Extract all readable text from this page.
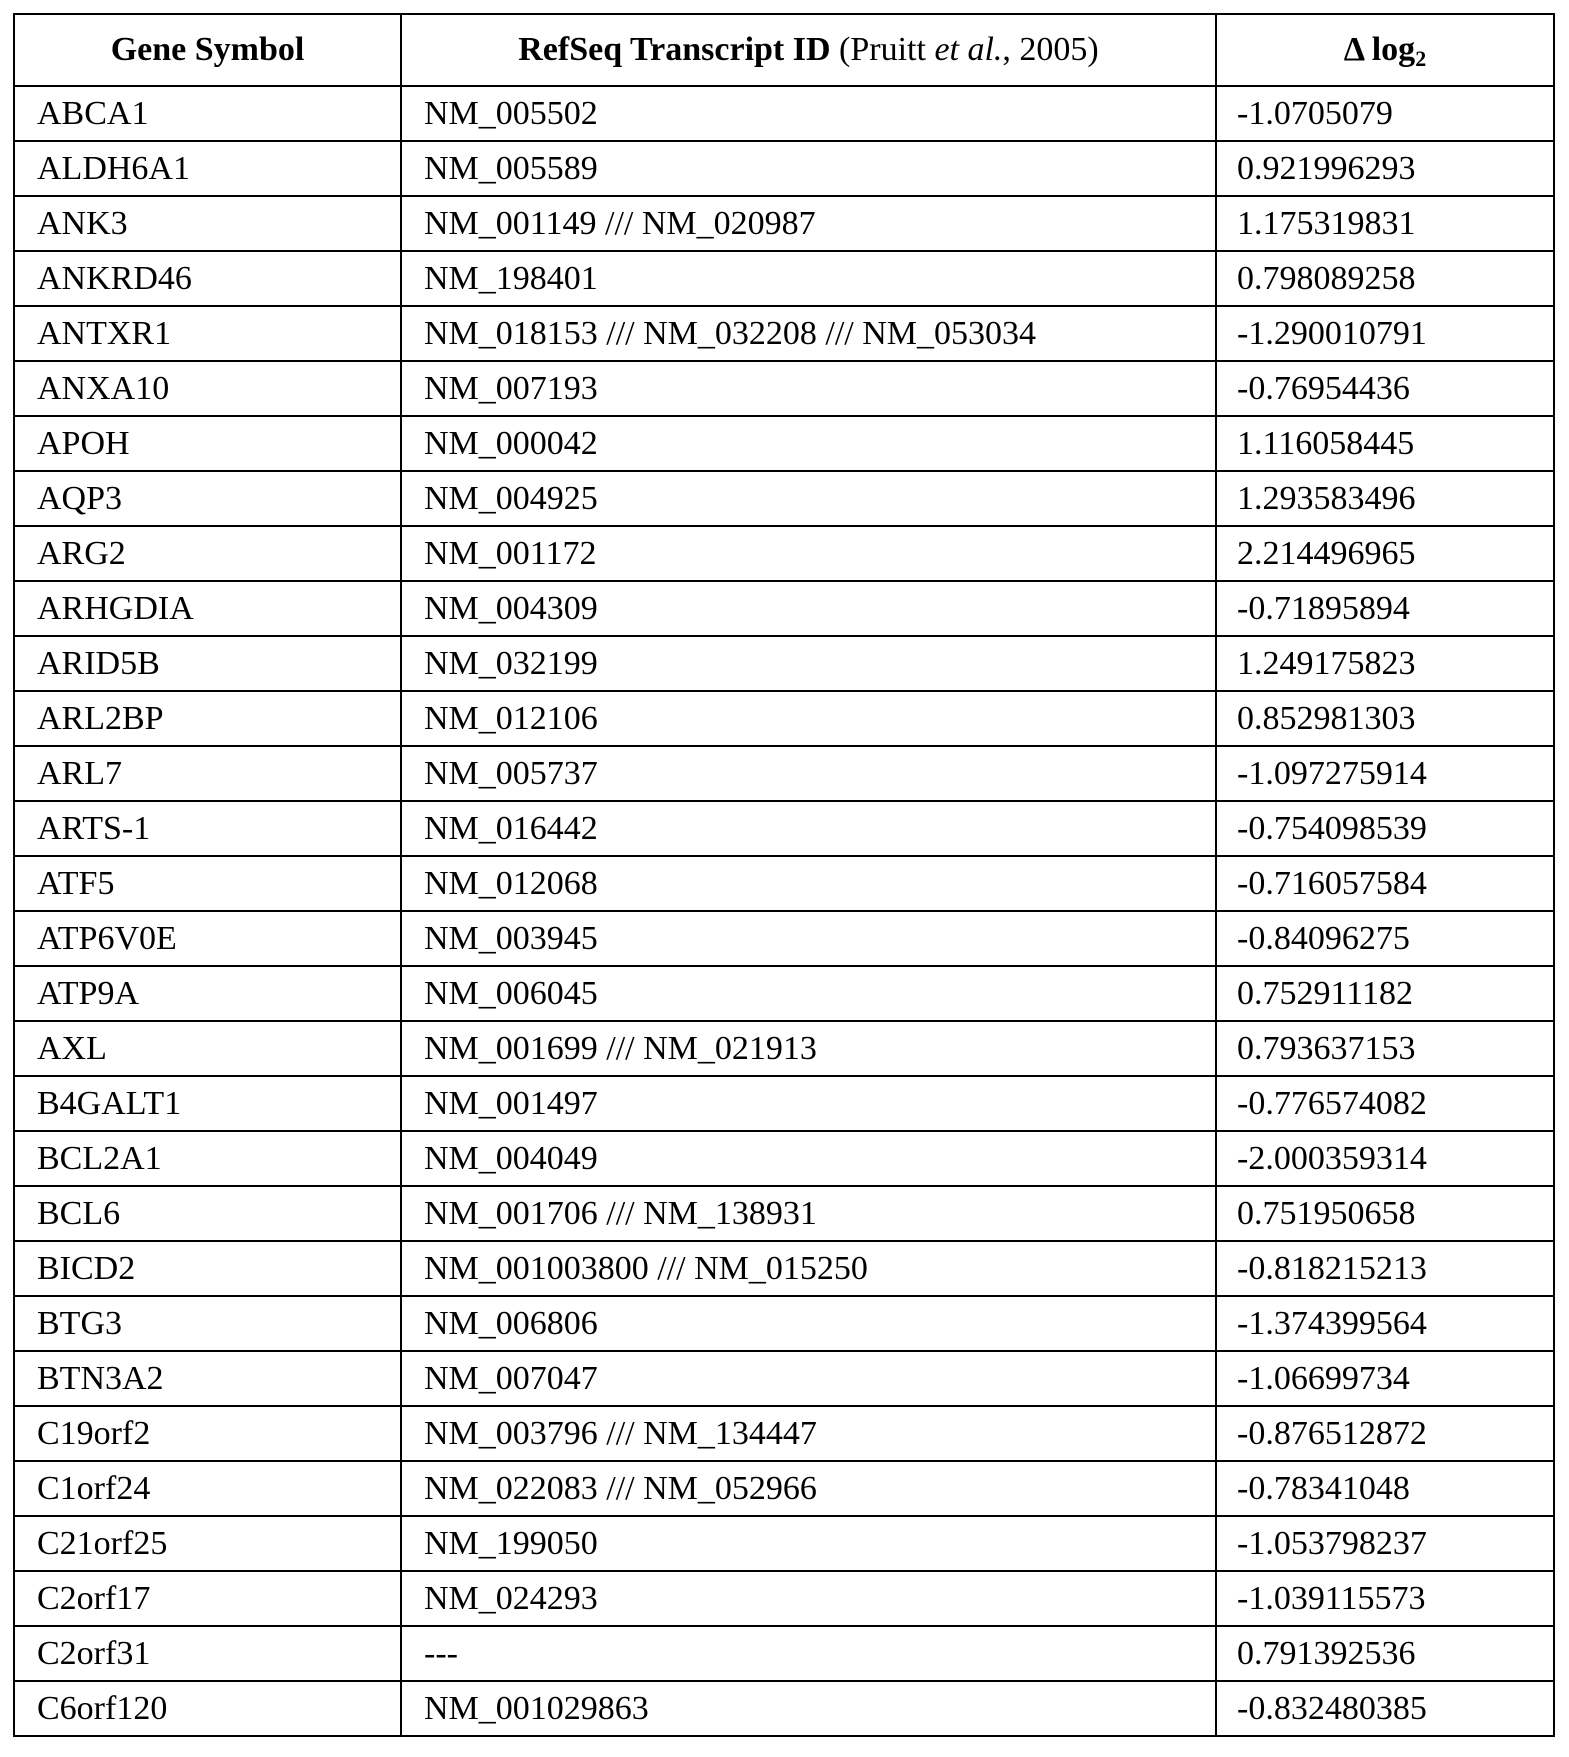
Gene Symbol	RefSeq Transcript ID (Pruitt et al., 2005)	Δ log2
ABCA1	NM_005502	-1.0705079
ALDH6A1	NM_005589	0.921996293
ANK3	NM_001149 /// NM_020987	1.175319831
ANKRD46	NM_198401	0.798089258
ANTXR1	NM_018153 /// NM_032208 /// NM_053034	-1.290010791
ANXA10	NM_007193	-0.76954436
APOH	NM_000042	1.116058445
AQP3	NM_004925	1.293583496
ARG2	NM_001172	2.214496965
ARHGDIA	NM_004309	-0.71895894
ARID5B	NM_032199	1.249175823
ARL2BP	NM_012106	0.852981303
ARL7	NM_005737	-1.097275914
ARTS-1	NM_016442	-0.754098539
ATF5	NM_012068	-0.716057584
ATP6V0E	NM_003945	-0.84096275
ATP9A	NM_006045	0.752911182
AXL	NM_001699 /// NM_021913	0.793637153
B4GALT1	NM_001497	-0.776574082
BCL2A1	NM_004049	-2.000359314
BCL6	NM_001706 /// NM_138931	0.751950658
BICD2	NM_001003800 /// NM_015250	-0.818215213
BTG3	NM_006806	-1.374399564
BTN3A2	NM_007047	-1.06699734
C19orf2	NM_003796 /// NM_134447	-0.876512872
C1orf24	NM_022083 /// NM_052966	-0.78341048
C21orf25	NM_199050	-1.053798237
C2orf17	NM_024293	-1.039115573
C2orf31	---	0.791392536
C6orf120	NM_001029863	-0.832480385
